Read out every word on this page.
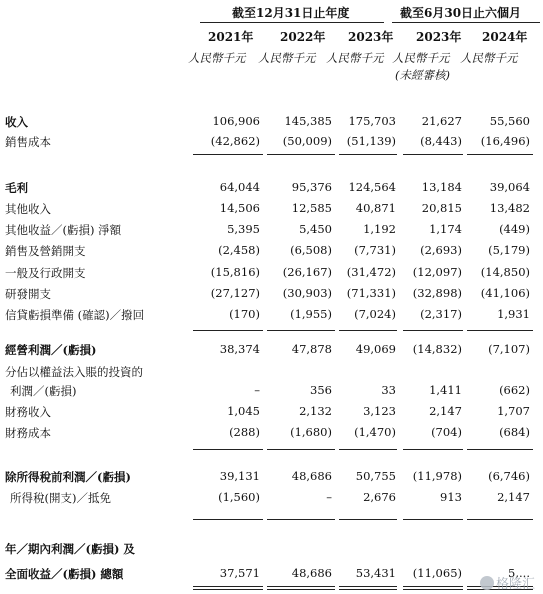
截至12月31日止年度	截至6月30日止六個月
2021年 2022年 2023年 2023年 2024年
人民幣千元 人民幣千元 人民幣千元 人民幣千元 人民幣千元
(未經審核)
收入	106,906	145,385	175,703	21,627	55,560
銷售成本	(42,862)	(50,009)	(51,139)	(8,443)	(16,496)
毛利	64,044	95,376	124,564	13,184	39,064
其他收入	14,506	12,585	40,871	20,815	13,482
其他收益／(虧損) 淨額	5,395	5,450	1,192	1,174	(449)
銷售及營銷開支	(2,458)	(6,508)	(7,731)	(2,693)	(5,179)
一般及行政開支	(15,816)	(26,167)	(31,472)	(12,097)	(14,850)
研發開支	(27,127)	(30,903)	(71,331)	(32,898)	(41,106)
信貸虧損準備 (確認)／撥回	(170)	(1,955)	(7,024)	(2,317)	1,931
經營利潤／(虧損)	38,374	47,878	49,069	(14,832)	(7,107)
分佔以權益法入賬的投資的
利潤／(虧損)	–	356	33	1,411	(662)
財務收入	1,045	2,132	3,123	2,147	1,707
財務成本	(288)	(1,680)	(1,470)	(704)	(684)
除所得稅前利潤／(虧損)	39,131	48,686	50,755	(11,978)	(6,746)
所得稅(開支)／抵免	(1,560)	–	2,676	913	2,147
年／期內利潤／(虧損) 及
全面收益／(虧損) 總額	37,571	48,686	53,431	(11,065)	5,...
格隆汇
